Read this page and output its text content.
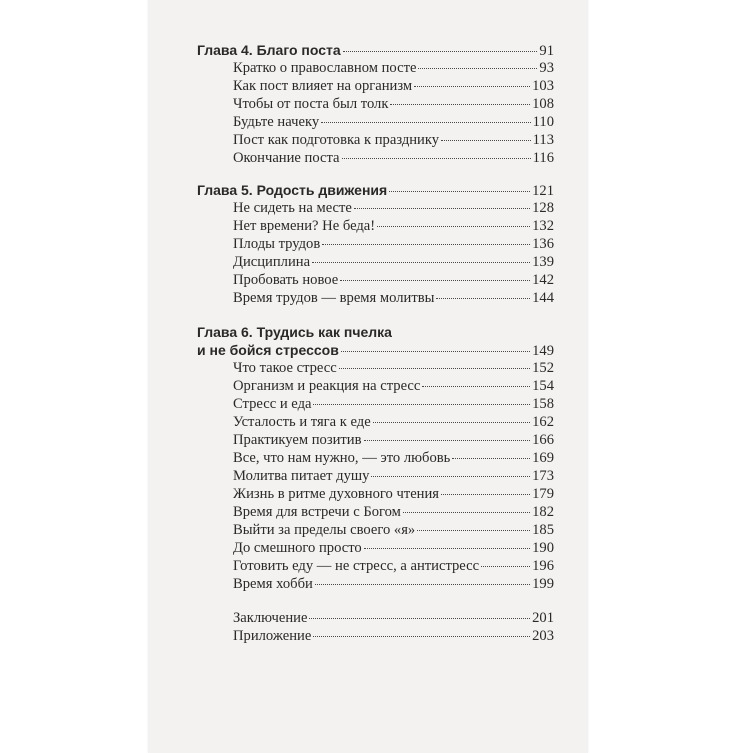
Глава 4. Благо поста	91
Кратко о православном посте	93
Как пост влияет на организм	103
Чтобы от поста был толк	108
Будьте начеку	110
Пост как подготовка к празднику	113
Окончание поста	116
Глава 5. Родость движения	121
Не сидеть на месте	128
Нет времени? Не беда!	132
Плоды трудов	136
Дисциплина	139
Пробовать новое	142
Время трудов — время молитвы	144
Глава 6. Трудись как пчелка
и не бойся стрессов	149
Что такое стресс	152
Организм и реакция на стресс	154
Стресс и еда	158
Усталость и тяга к еде	162
Практикуем позитив	166
Все, что нам нужно, — это любовь	169
Молитва питает душу	173
Жизнь в ритме духовного чтения	179
Время для встречи с Богом	182
Выйти за пределы своего «я»	185
До смешного просто	190
Готовить еду — не стресс, а антистресс	196
Время хобби	199
Заключение	201
Приложение	203
